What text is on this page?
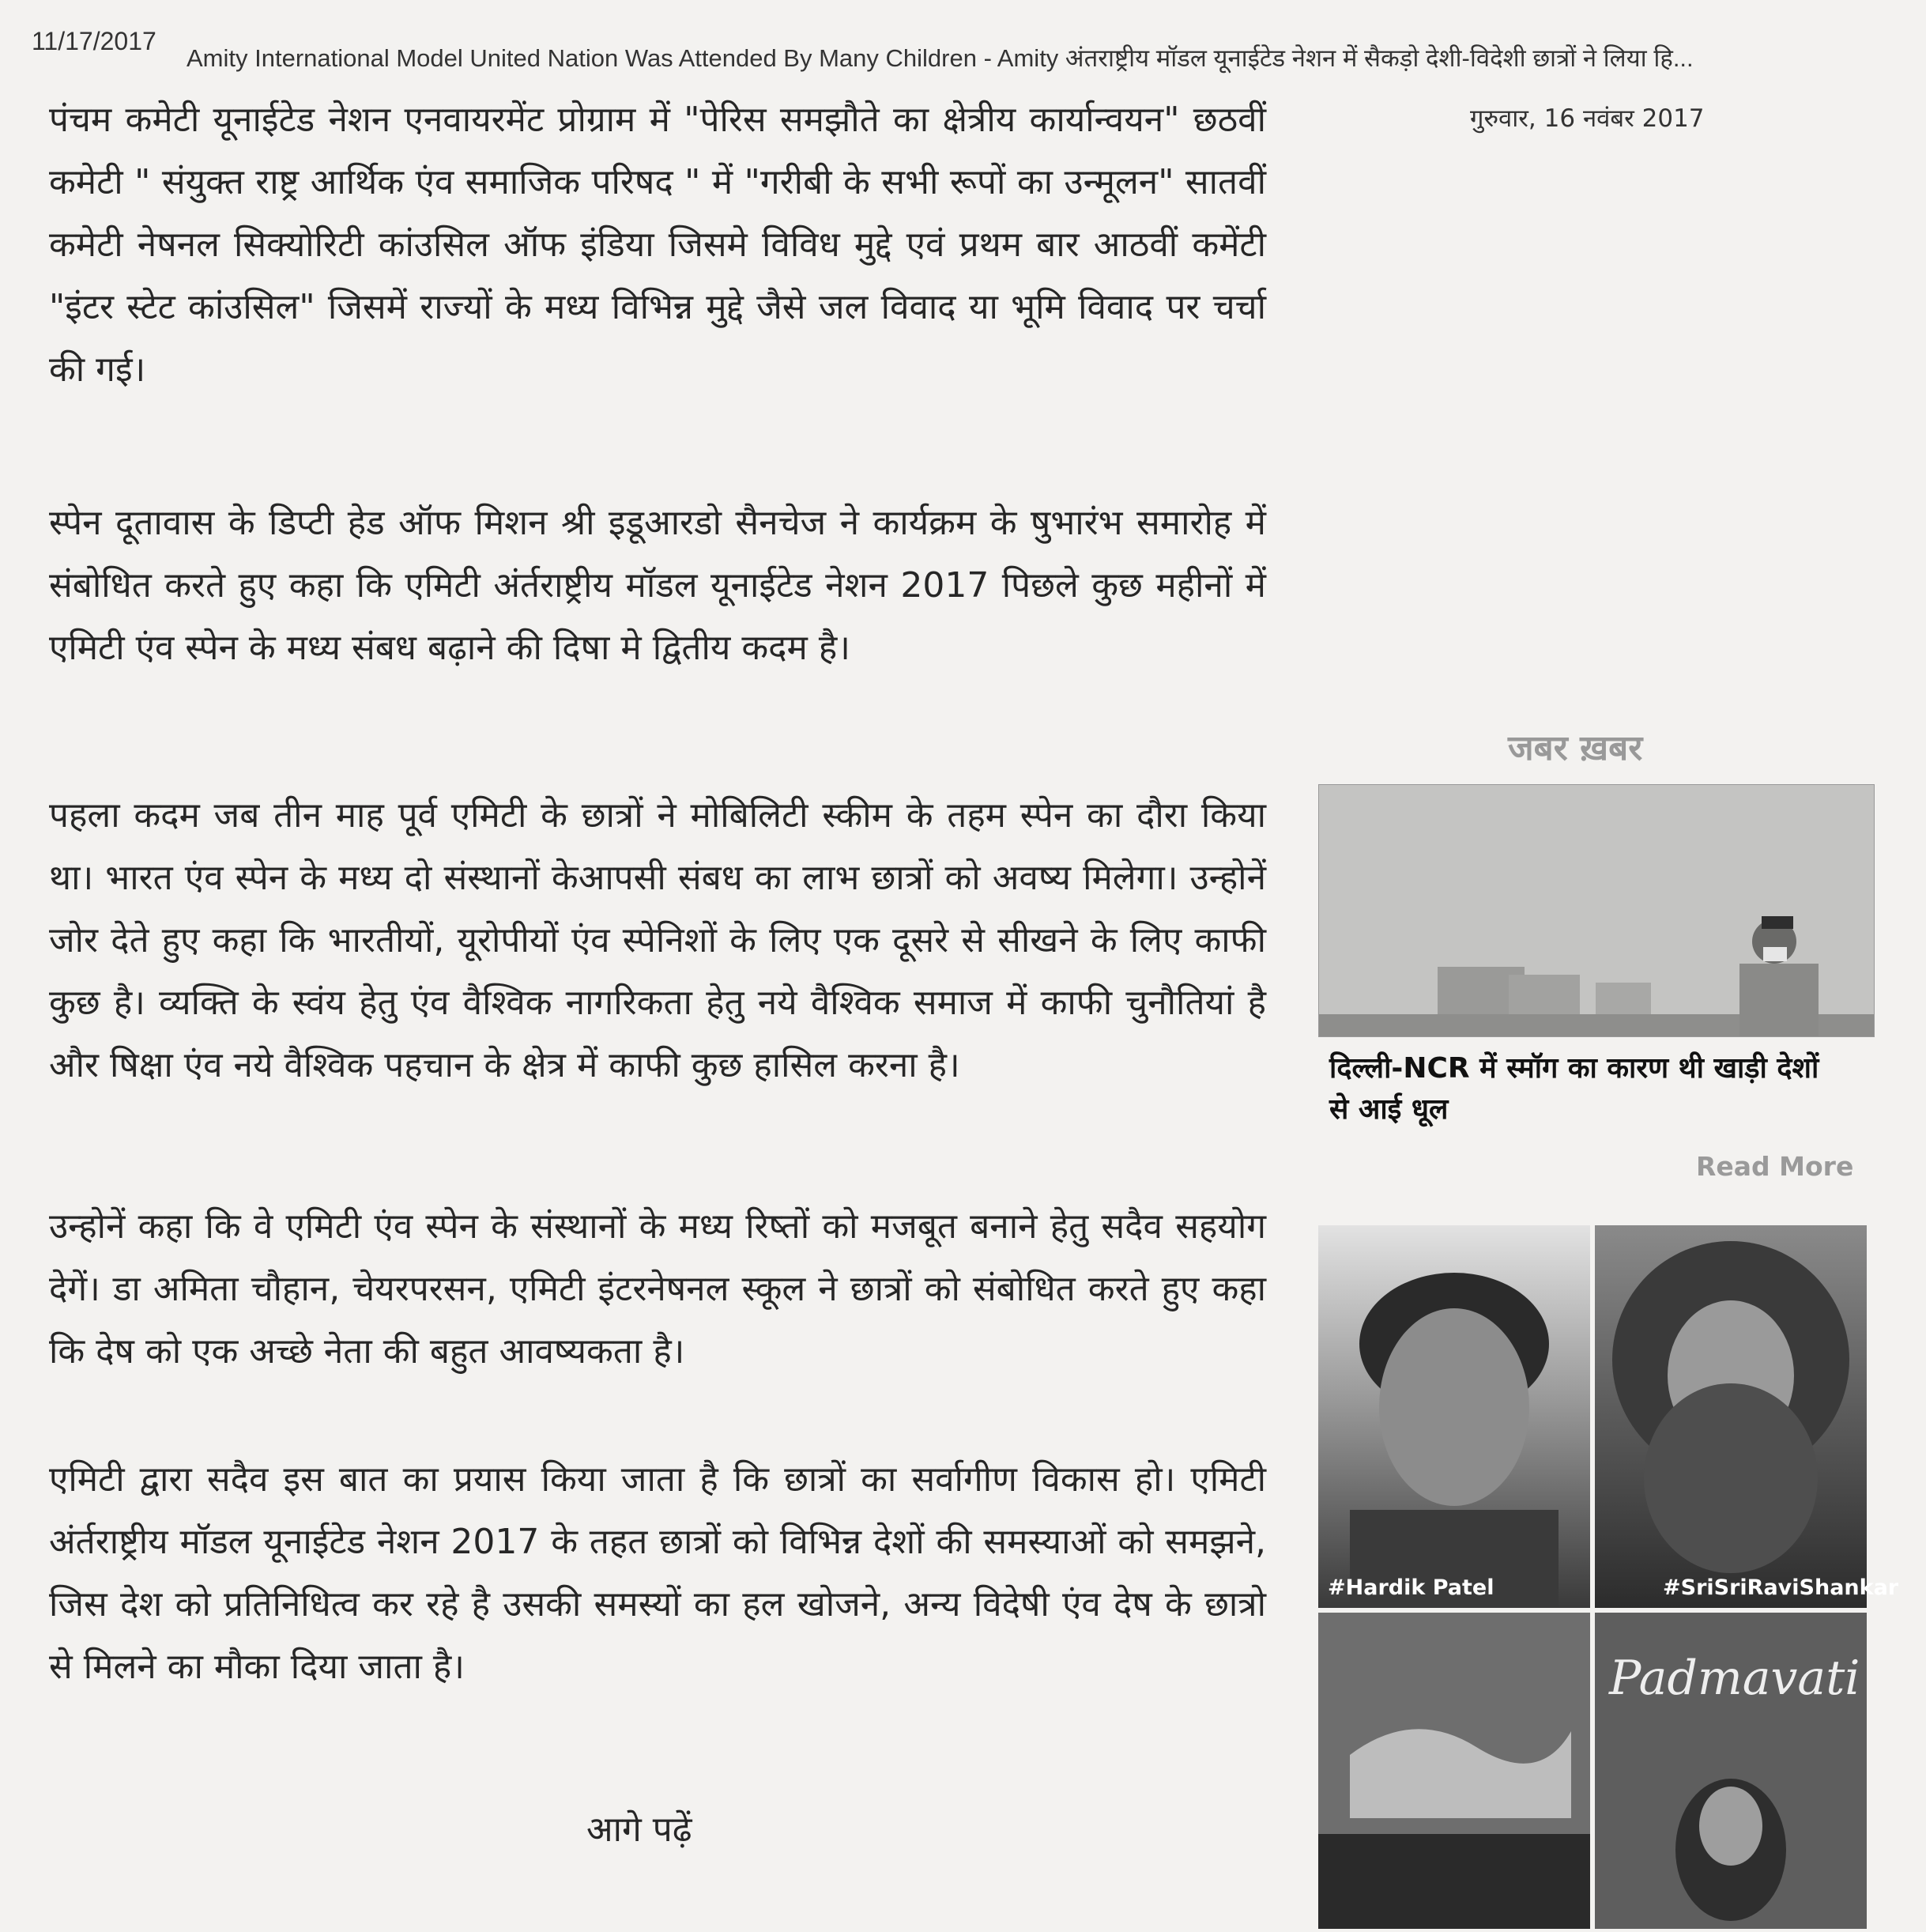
11/17/2017
Amity International Model United Nation Was Attended By Many Children - Amity अंतराष्ट्रीय मॉडल यूनाईटेड नेशन में सैकड़ो देशी-विदेशी छात्रों ने लिया हि...
गुरुवार, 16 नवंबर 2017

पंचम कमेटी यूनाईटेड नेशन एनवायरमेंट प्रोग्राम में "पेरिस समझौते का क्षेत्रीय कार्यान्वयन" छठवीं कमेटी " संयुक्त राष्ट्र आर्थिक एंव समाजिक परिषद " में "गरीबी के सभी रूपों का उन्मूलन" सातवीं कमेटी नेषनल सिक्योरिटी कांउसिल ऑफ इंडिया जिसमे विविध मुद्दे एवं प्रथम बार आठवीं कमेंटी "इंटर स्टेट कांउसिल" जिसमें राज्यों के मध्य विभिन्न मुद्दे जैसे जल विवाद या भूमि विवाद पर चर्चा की गई।

स्पेन दूतावास के डिप्टी हेड ऑफ मिशन श्री इडूआरडो सैनचेज ने कार्यक्रम के षुभारंभ समारोह में संबोधित करते हुए कहा कि एमिटी अंर्तराष्ट्रीय मॉडल यूनाईटेड नेशन 2017 पिछले कुछ महीनों में एमिटी एंव स्पेन के मध्य संबध बढ़ाने की दिषा मे द्वितीय कदम है।

पहला कदम जब तीन माह पूर्व एमिटी के छात्रों ने मोबिलिटी स्कीम के तहम स्पेन का दौरा किया था। भारत एंव स्पेन के मध्य दो संस्थानों केआपसी संबध का लाभ छात्रों को अवष्य मिलेगा। उन्होनें जोर देते हुए कहा कि भारतीयों, यूरोपीयों एंव स्पेनिशों के लिए एक दूसरे से सीखने के लिए काफी कुछ है। व्यक्ति के स्वंय हेतु एंव वैश्विक नागरिकता हेतु नये वैश्विक समाज में काफी चुनौतियां है और षिक्षा एंव नये वैश्विक पहचान के क्षेत्र में काफी कुछ हासिल करना है।

उन्होनें कहा कि वे एमिटी एंव स्पेन के संस्थानों के मध्य रिष्तों को मजबूत बनाने हेतु सदैव सहयोग देगें। डा अमिता चौहान, चेयरपरसन, एमिटी इंटरनेषनल स्कूल ने छात्रों को संबोधित करते हुए कहा कि देष को एक अच्छे नेता की बहुत आवष्यकता है।

एमिटी द्वारा सदैव इस बात का प्रयास किया जाता है कि छात्रों का सर्वागीण विकास हो। एमिटी अंर्तराष्ट्रीय मॉडल यूनाईटेड नेशन 2017 के तहत छात्रों को विभिन्न देशों की समस्याओं को समझने, जिस देश को प्रतिनिधित्व कर रहे है उसकी समस्यों का हल खोजने, अन्य विदेषी एंव देष के छात्रो से मिलने का मौका दिया जाता है।

आगे पढ़ें
जबर ख़बर

दिल्ली-NCR में स्मॉग का कारण थी खाड़ी देशों से आई धूल

Read More
#Hardik Patel	#SriSriRaviShankar
Padmavati
